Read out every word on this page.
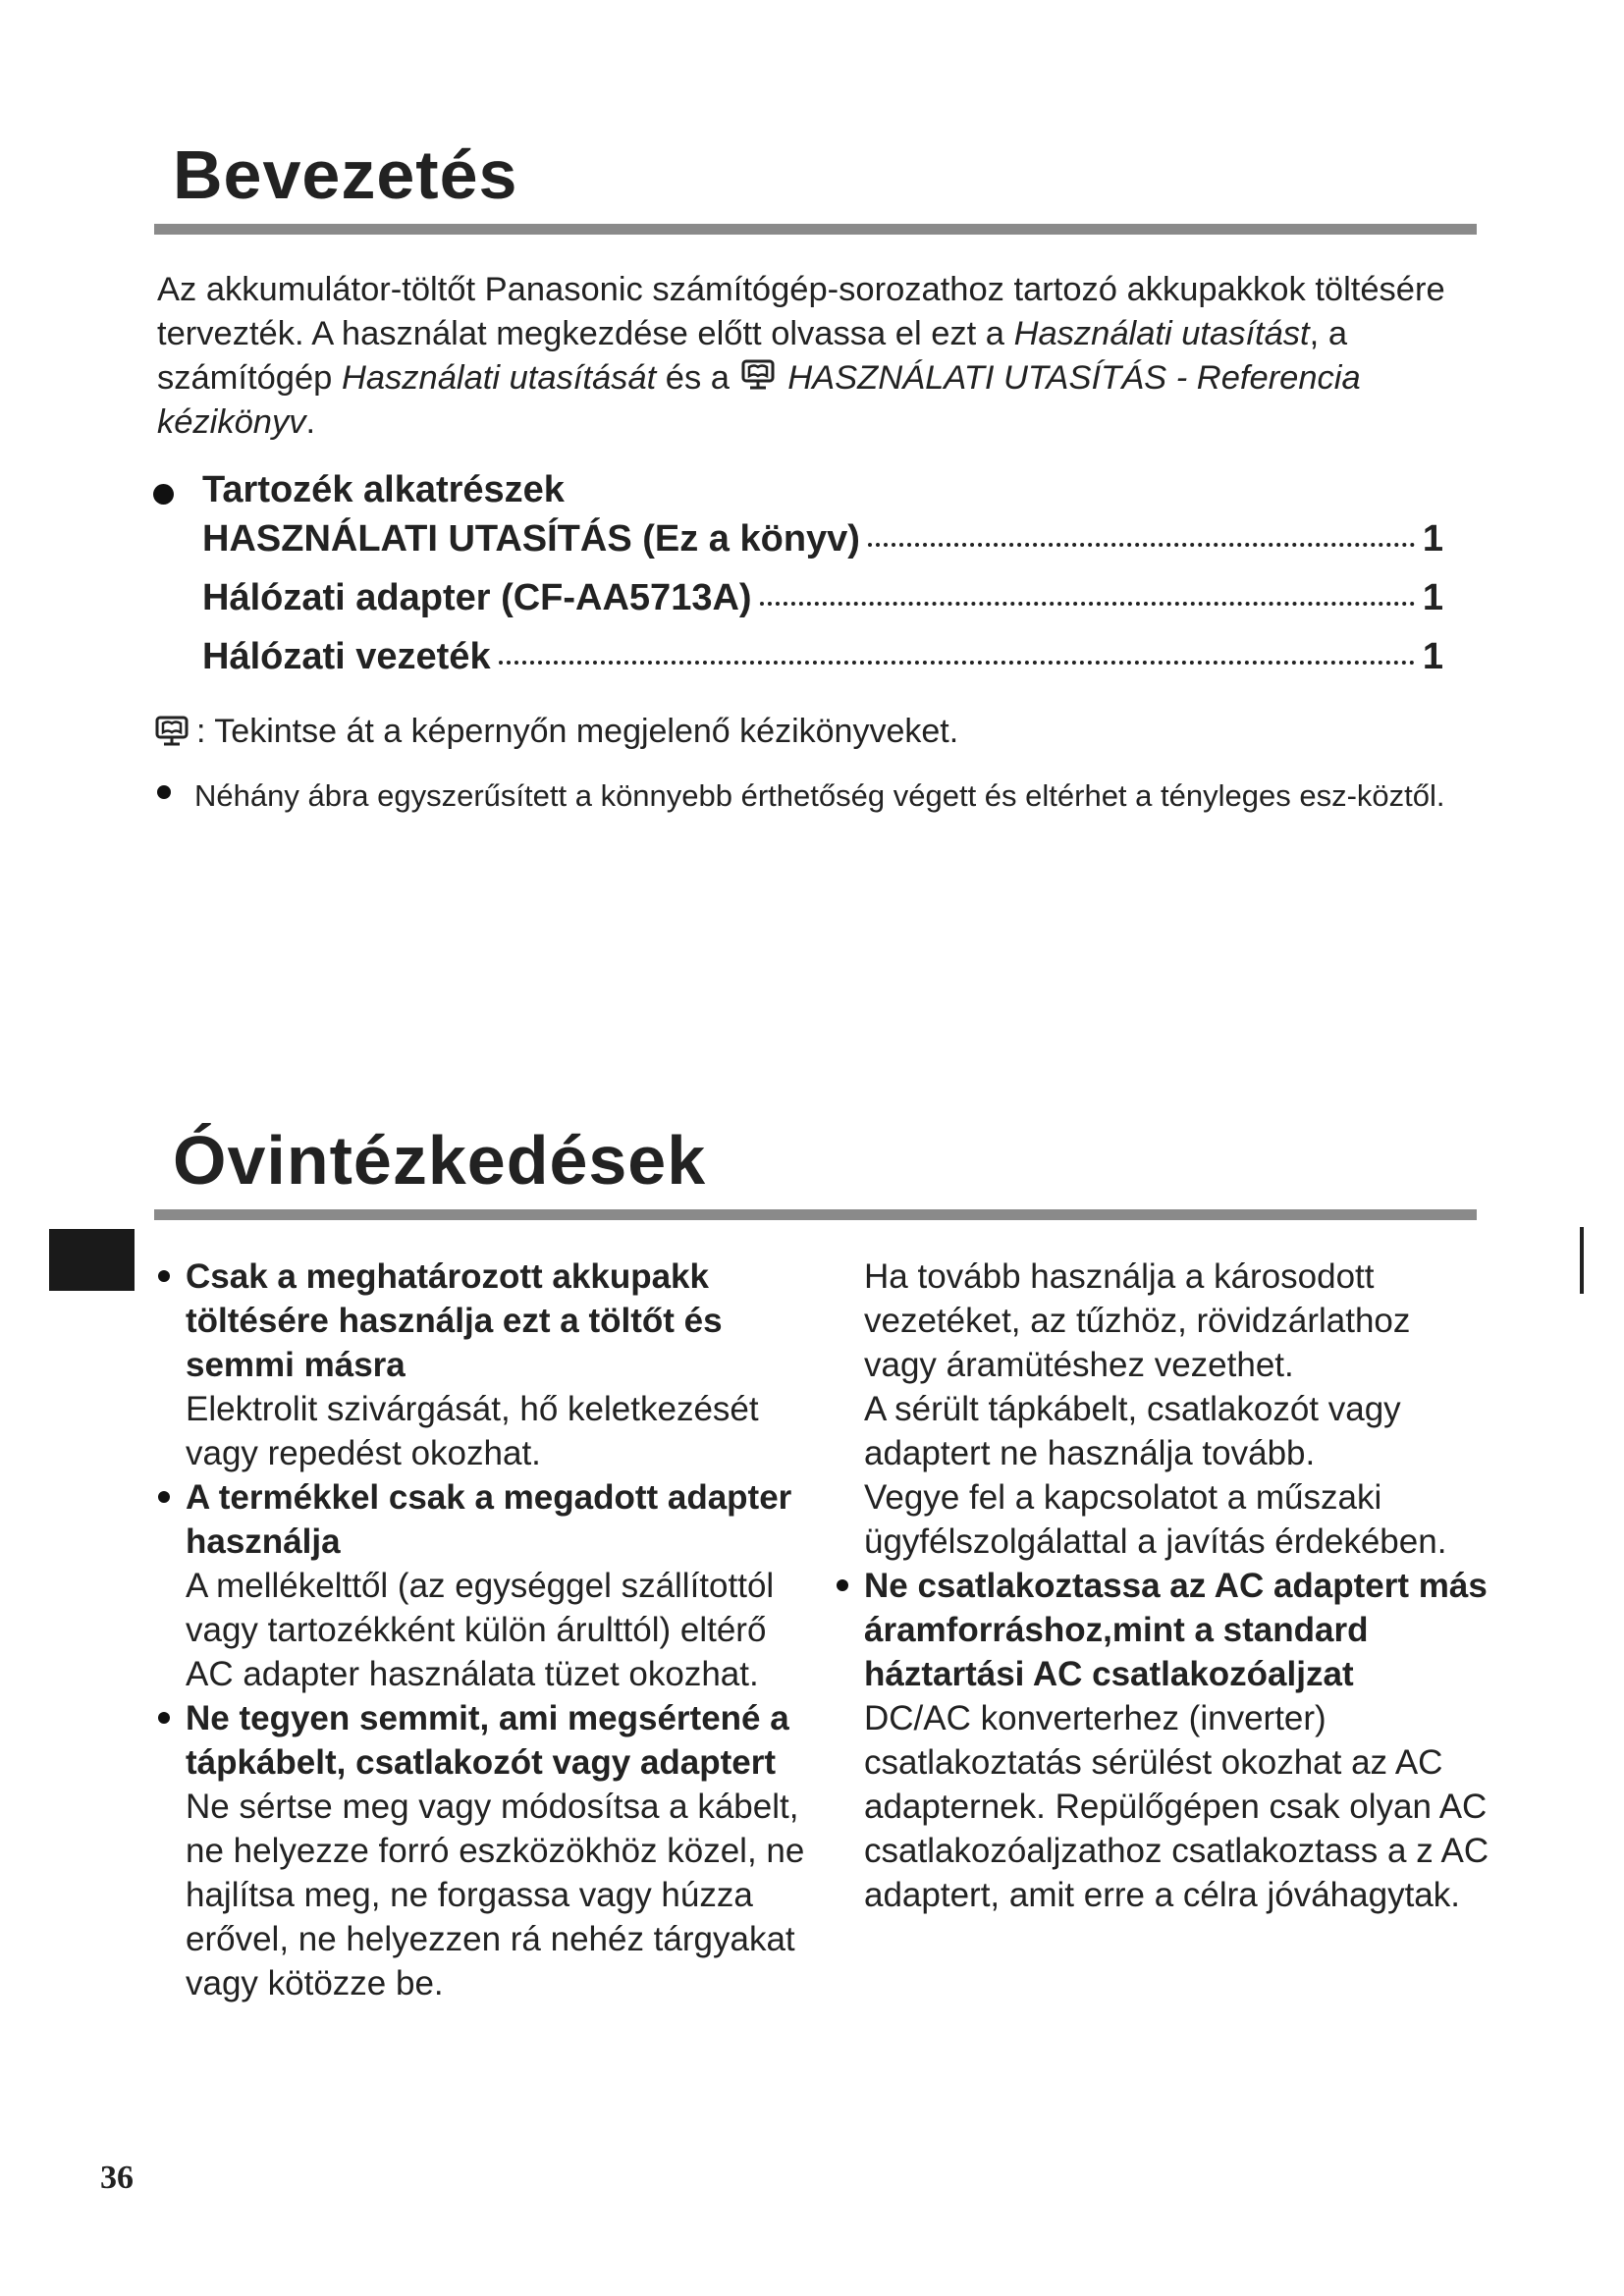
Bevezetés
Az akkumulátor-töltőt Panasonic számítógép-sorozathoz tartozó akkupakkok töltésére tervezték. A használat megkezdése előtt olvassa el ezt a Használati utasítást, a számítógép Használati utasítását és a  HASZNÁLATI UTASÍTÁS - Referencia kézikönyv.
Tartozék alkatrészek
HASZNÁLATI UTASÍTÁS (Ez a könyv)	1
Hálózati adapter (CF-AA5713A)	1
Hálózati vezeték	1
: Tekintse át a képernyőn megjelenő kézikönyveket.
Néhány ábra egyszerűsített a könnyebb érthetőség végett és eltérhet a tényleges esz-köztől.
Óvintézkedések

Csak a meghatározott akkupakk töltésére használja ezt a töltőt és semmi másra

Elektrolit szivárgását, hő keletkezését vagy repedést okozhat.

A termékkel csak a megadott adapter használja

A mellékelttől (az egységgel szállítottól vagy tartozékként külön árulttól) eltérő AC adapter használata tüzet okozhat.

Ne tegyen semmit, ami megsértené a tápkábelt, csatlakozót vagy adaptert

Ne sértse meg vagy módosítsa a kábelt, ne helyezze forró eszközökhöz közel, ne hajlítsa meg, ne forgassa vagy húzza erővel, ne helyezzen rá nehéz tárgyakat vagy kötözze be.

Ha tovább használja a károsodott vezetéket, az tűzhöz, rövidzárlathoz vagy áramütéshez vezethet.

A sérült tápkábelt, csatlakozót vagy adaptert ne használja tovább.

Vegye fel a kapcsolatot a műszaki ügyfélszolgálattal a javítás érdekében.

Ne csatlakoztassa az AC adaptert más áramforráshoz,mint a standard háztartási AC csatlakozóaljzat

DC/AC konverterhez (inverter) csatlakoztatás sérülést okozhat az AC adapternek. Repülőgépen csak olyan AC csatlakozóaljzathoz csatlakoztass a z AC adaptert, amit erre a célra jóváhagytak.

36
